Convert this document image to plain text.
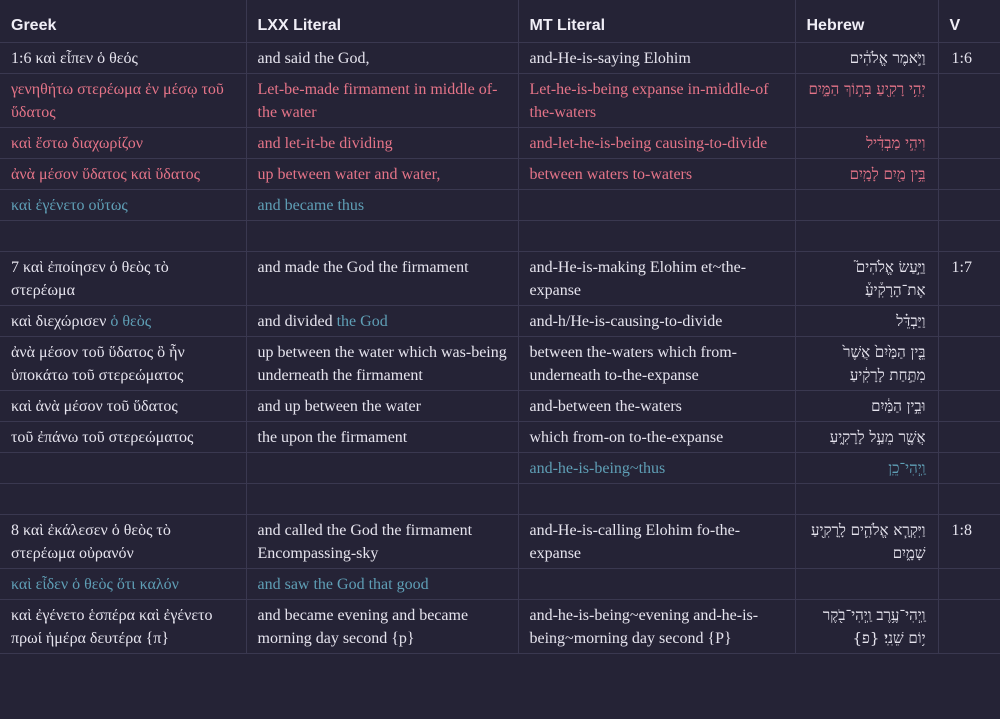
Greek	LXX Literal	MT Literal	Hebrew	V
1:6 καὶ εἶπεν ὁ θεός	and said the God,	and-He-is-saying Elohim	וַיֹּ֣אמֶר אֱלֹהִ֔ים	1:6
γενηθήτω στερέωμα ἐν μέσῳ τοῦ ὕδατος	Let-be-made firmament in middle of-the water	Let-he-is-being expanse in-middle-of the-waters	יְהִ֥י רָקִ֖יעַ בְּת֣וֹךְ הַמָּ֑יִם	
καὶ ἔστω διαχωρίζον	and let-it-be dividing	and-let-he-is-being causing-to-divide	וִיהִ֣י מַבְדִּ֔יל	
ἀνὰ μέσον ὕδατος καὶ ὕδατος	up between water and water,	between waters to-waters	בֵּ֥ין מַ֖יִם לָמָֽיִם	
καὶ ἐγένετο οὕτως	and became thus			

7 καὶ ἐποίησεν ὁ θεὸς τὸ στερέωμα	and made the God the firmament	and-He-is-making Elohim et~the-expanse	וַיַּ֣עַשׂ אֱלֹהִים֮ אֶת־הָרָקִ֒יעַ֒	1:7
καὶ διεχώρισεν ὁ θεὸς	and divided the God	and-h/He-is-causing-to-divide	וַיַּבְדֵּ֗ל	
ἀνὰ μέσον τοῦ ὕδατος ὃ ἦν ὑποκάτω τοῦ στερεώματος	up between the water which was-being underneath the firmament	between the-waters which from-underneath to-the-expanse	בֵּ֤ין הַמַּ֙יִם֙ אֲשֶׁר֙ מִתַּ֣חַת לָרָקִ֔יעַ	
καὶ ἀνὰ μέσον τοῦ ὕδατος	and up between the water	and-between the-waters	וּבֵ֣ין הַמַּ֔יִם	
τοῦ ἐπάνω τοῦ στερεώματος	the upon the firmament	which from-on to-the-expanse	אֲשֶׁ֖ר מֵעַ֣ל לָרָקִ֑יעַ	
		and-he-is-being~thus	וַֽיְהִי־כֵֽן	

8 καὶ ἐκάλεσεν ὁ θεὸς τὸ στερέωμα οὐρανόν	and called the God the firmament Encompassing-sky	and-He-is-calling Elohim fo-the-expanse	וַיִּקְרָ֧א אֱלֹהִ֛ים לָֽרָקִ֖יעַ שָׁמָ֑יִם	1:8
καὶ εἶδεν ὁ θεὸς ὅτι καλόν	and saw the God that good			
καὶ ἐγένετο ἑσπέρα καὶ ἐγένετο πρωί ἡμέρα δευτέρα {π}	and became evening and became morning day second {p}	and-he-is-being~evening and-he-is-being~morning day second {P}	וַֽיְהִי־עֶ֥רֶב וַֽיְהִי־בֹ֖קֶר י֥וֹם שֵׁנִֽי׃ {פ}	
